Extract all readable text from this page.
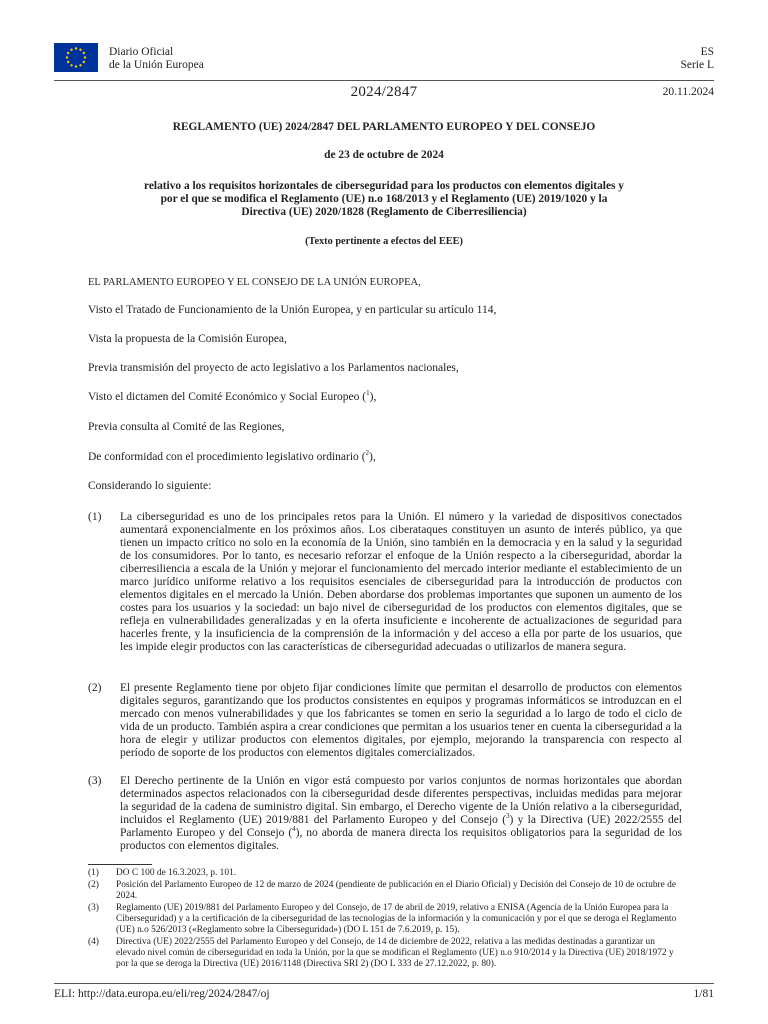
Diario Oficial
de la Unión Europea
ES
Serie L
2024/2847	20.11.2024
REGLAMENTO (UE) 2024/2847 DEL PARLAMENTO EUROPEO Y DEL CONSEJO
de 23 de octubre de 2024
relativo a los requisitos horizontales de ciberseguridad para los productos con elementos digitales y
por el que se modifica el Reglamento (UE) n.o 168/2013 y el Reglamento (UE) 2019/1020 y la
Directiva (UE) 2020/1828 (Reglamento de Ciberresiliencia)
(Texto pertinente a efectos del EEE)
EL PARLAMENTO EUROPEO Y EL CONSEJO DE LA UNIÓN EUROPEA,
Visto el Tratado de Funcionamiento de la Unión Europea, y en particular su artículo 114,
Vista la propuesta de la Comisión Europea,
Previa transmisión del proyecto de acto legislativo a los Parlamentos nacionales,
Visto el dictamen del Comité Económico y Social Europeo ($^1$),
Previa consulta al Comité de las Regiones,
De conformidad con el procedimiento legislativo ordinario ($^2$),
Considerando lo siguiente:
(1) La ciberseguridad es uno de los principales retos para la Unión. El número y la variedad de dispositivos conectados aumentará exponencialmente en los próximos años. Los ciberataques constituyen un asunto de interés público, ya que tienen un impacto crítico no solo en la economía de la Unión, sino también en la democracia y en la salud y la seguridad de los consumidores. Por lo tanto, es necesario reforzar el enfoque de la Unión respecto a la ciberseguridad, abordar la ciberresiliencia a escala de la Unión y mejorar el funcionamiento del mercado interior mediante el establecimiento de un marco jurídico uniforme relativo a los requisitos esenciales de ciberseguridad para la introducción de productos con elementos digitales en el mercado la Unión. Deben abordarse dos problemas importantes que suponen un aumento de los costes para los usuarios y la sociedad: un bajo nivel de ciberseguridad de los productos con elementos digitales, que se refleja en vulnerabilidades generalizadas y en la oferta insuficiente e incoherente de actualizaciones de seguridad para hacerles frente, y la insuficiencia de la comprensión de la información y del acceso a ella por parte de los usuarios, que les impide elegir productos con las características de ciberseguridad adecuadas o utilizarlos de manera segura.
(2) El presente Reglamento tiene por objeto fijar condiciones límite que permitan el desarrollo de productos con elementos digitales seguros, garantizando que los productos consistentes en equipos y programas informáticos se introduzcan en el mercado con menos vulnerabilidades y que los fabricantes se tomen en serio la seguridad a lo largo de todo el ciclo de vida de un producto. También aspira a crear condiciones que permitan a los usuarios tener en cuenta la ciberseguridad a la hora de elegir y utilizar productos con elementos digitales, por ejemplo, mejorando la transparencia con respecto al período de soporte de los productos con elementos digitales comercializados.
(3) El Derecho pertinente de la Unión en vigor está compuesto por varios conjuntos de normas horizontales que abordan determinados aspectos relacionados con la ciberseguridad desde diferentes perspectivas, incluidas medidas para mejorar la seguridad de la cadena de suministro digital. Sin embargo, el Derecho vigente de la Unión relativo a la ciberseguridad, incluidos el Reglamento (UE) 2019/881 del Parlamento Europeo y del Consejo ($^3$) y la Directiva (UE) 2022/2555 del Parlamento Europeo y del Consejo ($^4$), no aborda de manera directa los requisitos obligatorios para la seguridad de los productos con elementos digitales.
(1) DO C 100 de 16.3.2023, p. 101.
(2) Posición del Parlamento Europeo de 12 de marzo de 2024 (pendiente de publicación en el Diario Oficial) y Decisión del Consejo de 10 de octubre de 2024.
(3) Reglamento (UE) 2019/881 del Parlamento Europeo y del Consejo, de 17 de abril de 2019, relativo a ENISA (Agencia de la Unión Europea para la Ciberseguridad) y a la certificación de la ciberseguridad de las tecnologías de la información y la comunicación y por el que se deroga el Reglamento (UE) n.o 526/2013 («Reglamento sobre la Ciberseguridad») (DO L 151 de 7.6.2019, p. 15).
(4) Directiva (UE) 2022/2555 del Parlamento Europeo y del Consejo, de 14 de diciembre de 2022, relativa a las medidas destinadas a garantizar un elevado nivel común de ciberseguridad en toda la Unión, por la que se modifican el Reglamento (UE) n.o 910/2014 y la Directiva (UE) 2018/1972 y por la que se deroga la Directiva (UE) 2016/1148 (Directiva SRI 2) (DO L 333 de 27.12.2022, p. 80).
ELI: http://data.europa.eu/eli/reg/2024/2847/oj	1/81
